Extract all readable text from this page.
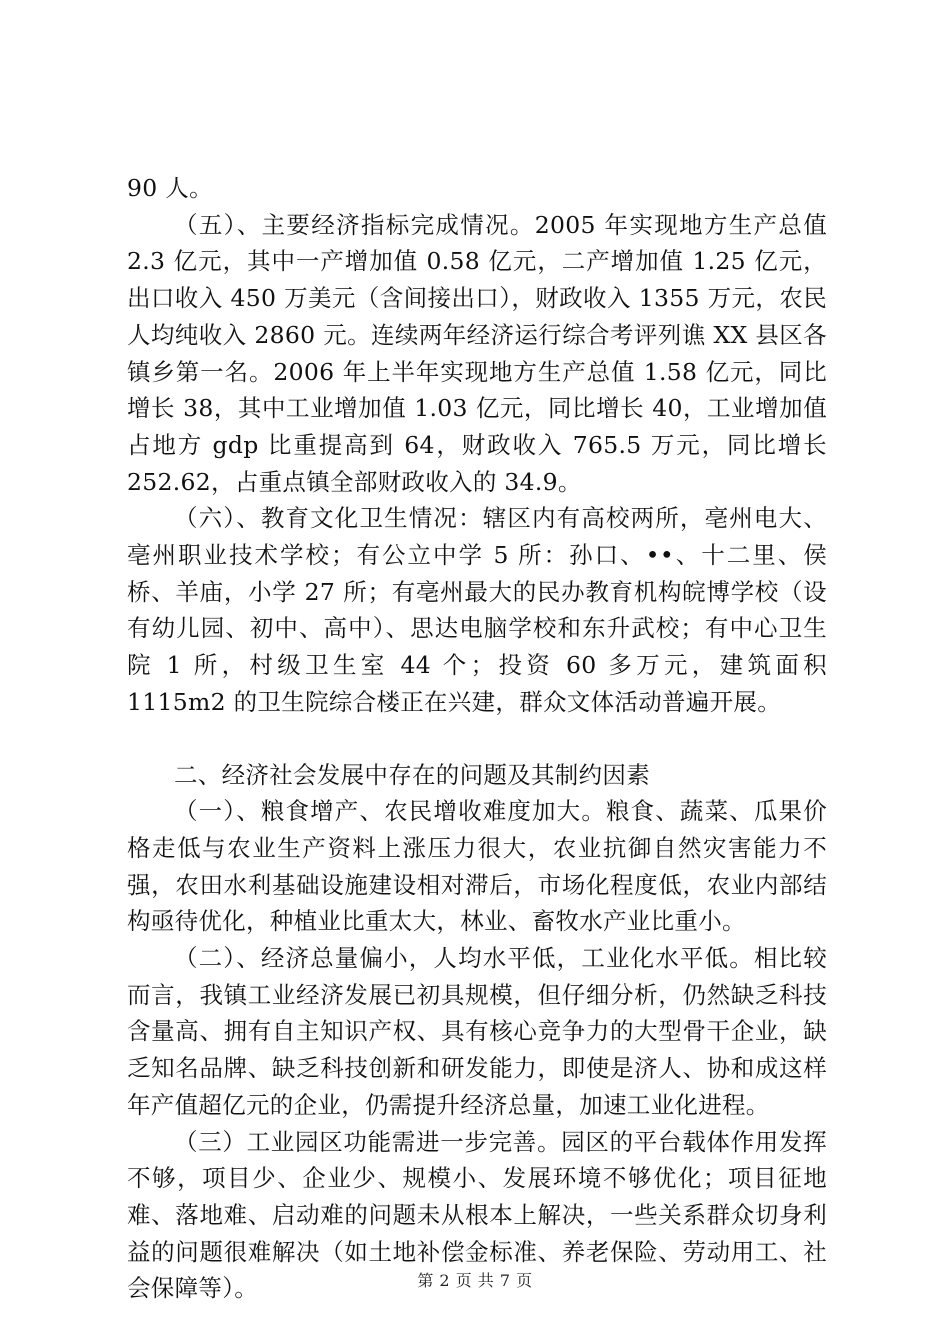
90 人。

（五）、主要经济指标完成情况。2005 年实现地方生产总值 2.3 亿元，其中一产增加值 0.58 亿元，二产增加值 1.25 亿元，出口收入 450 万美元（含间接出口），财政收入 1355 万元，农民人均纯收入 2860 元。连续两年经济运行综合考评列谯 XX 县区各镇乡第一名。2006 年上半年实现地方生产总值 1.58 亿元，同比增长 38，其中工业增加值 1.03 亿元，同比增长 40，工业增加值占地方 gdp 比重提高到 64，财政收入 765.5 万元，同比增长 252.62，占重点镇全部财政收入的 34.9。

（六）、教育文化卫生情况：辖区内有高校两所，亳州电大、亳州职业技术学校；有公立中学 5 所：孙口、••、十二里、侯桥、羊庙，小学 27 所；有亳州最大的民办教育机构皖博学校（设有幼儿园、初中、高中）、思达电脑学校和东升武校；有中心卫生院 1 所，村级卫生室 44 个；投资 60 多万元，建筑面积 1115m2 的卫生院综合楼正在兴建，群众文体活动普遍开展。

二、经济社会发展中存在的问题及其制约因素

（一）、粮食增产、农民增收难度加大。粮食、蔬菜、瓜果价格走低与农业生产资料上涨压力很大，农业抗御自然灾害能力不强，农田水利基础设施建设相对滞后，市场化程度低，农业内部结构亟待优化，种植业比重太大，林业、畜牧水产业比重小。

（二）、经济总量偏小，人均水平低，工业化水平低。相比较而言，我镇工业经济发展已初具规模，但仔细分析，仍然缺乏科技含量高、拥有自主知识产权、具有核心竞争力的大型骨干企业，缺乏知名品牌、缺乏科技创新和研发能力，即使是济人、协和成这样年产值超亿元的企业，仍需提升经济总量，加速工业化进程。

（三）工业园区功能需进一步完善。园区的平台载体作用发挥不够，项目少、企业少、规模小、发展环境不够优化；项目征地难、落地难、启动难的问题未从根本上解决，一些关系群众切身利益的问题很难解决（如土地补偿金标准、养老保险、劳动用工、社会保障等）。	第 2 页 共 7 页
